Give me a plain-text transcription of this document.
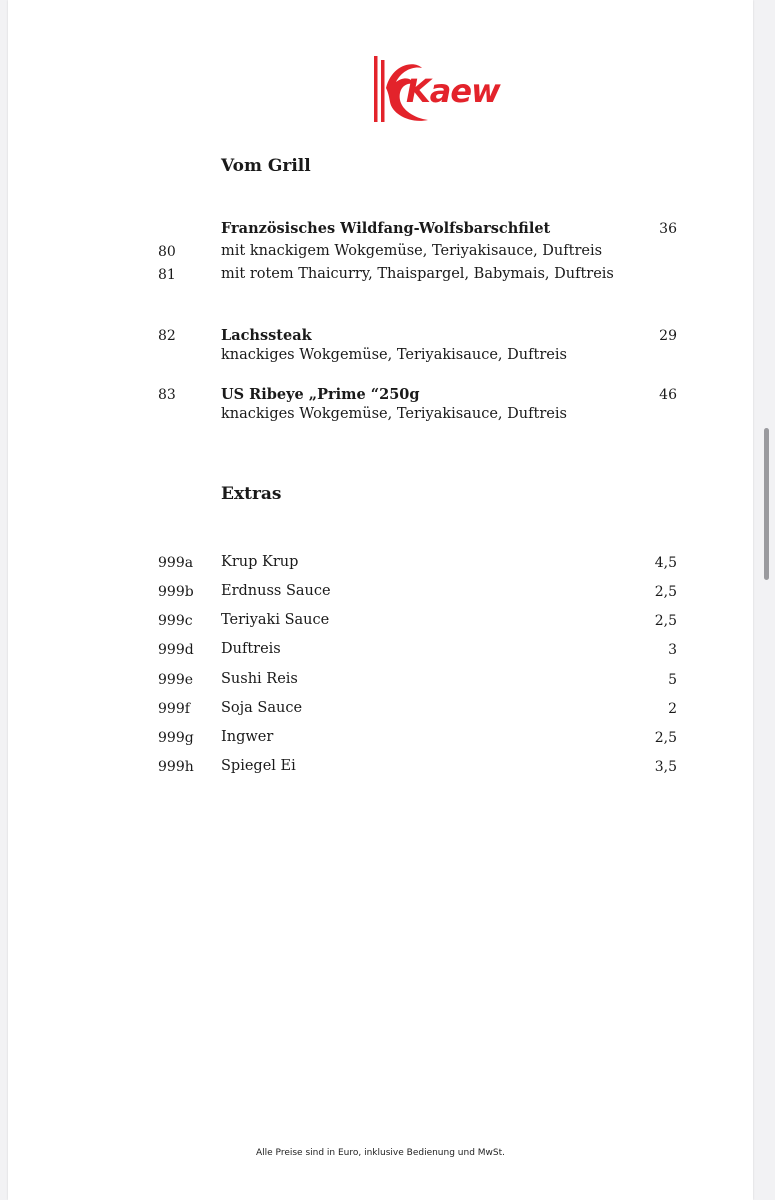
Kaew
Vom Grill
Französisches Wildfang-Wolfsbarschfilet	36
80	mit knackigem Wokgemüse, Teriyakisauce, Duftreis
81	mit rotem Thaicurry, Thaispargel, Babymais, Duftreis
82	Lachssteak	29
knackiges Wokgemüse, Teriyakisauce, Duftreis
83	US Ribeye „Prime “250g	46
knackiges Wokgemüse, Teriyakisauce, Duftreis
Extras
999a Krup Krup	4,5
999b Erdnuss Sauce	2,5
999c Teriyaki Sauce	2,5
999d Duftreis	3
999e Sushi Reis	5
999f Soja Sauce	2
999g Ingwer	2,5
999h Spiegel Ei	3,5
Alle Preise sind in Euro, inklusive Bedienung und MwSt.
